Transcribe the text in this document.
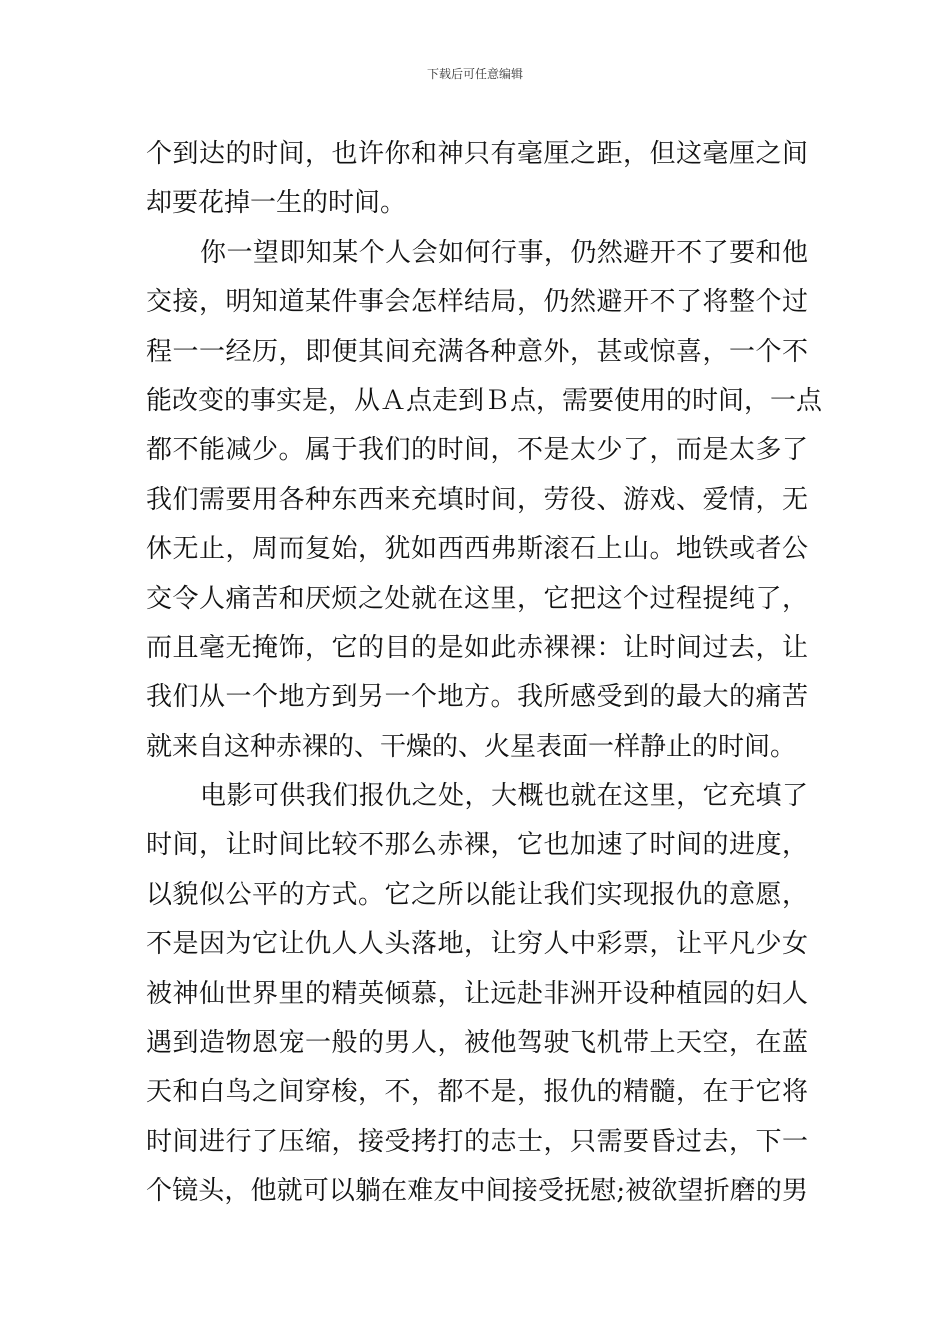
下载后可任意编辑
个到达的时间，也许你和神只有毫厘之距，但这毫厘之间
却要花掉一生的时间。
你一望即知某个人会如何行事，仍然避开不了要和他
交接，明知道某件事会怎样结局，仍然避开不了将整个过
程一一经历，即便其间充满各种意外，甚或惊喜，一个不
能改变的事实是，从Ａ点走到Ｂ点，需要使用的时间，一点
都不能减少。属于我们的时间，不是太少了，而是太多了
我们需要用各种东西来充填时间，劳役、游戏、爱情，无
休无止，周而复始，犹如西西弗斯滚石上山。地铁或者公
交令人痛苦和厌烦之处就在这里，它把这个过程提纯了，
而且毫无掩饰，它的目的是如此赤裸裸：让时间过去，让
我们从一个地方到另一个地方。我所感受到的最大的痛苦
就来自这种赤裸的、干燥的、火星表面一样静止的时间。
电影可供我们报仇之处，大概也就在这里，它充填了
时间，让时间比较不那么赤裸，它也加速了时间的进度，
以貌似公平的方式。它之所以能让我们实现报仇的意愿，
不是因为它让仇人人头落地，让穷人中彩票，让平凡少女
被神仙世界里的精英倾慕，让远赴非洲开设种植园的妇人
遇到造物恩宠一般的男人，被他驾驶飞机带上天空，在蓝
天和白鸟之间穿梭，不，都不是，报仇的精髓，在于它将
时间进行了压缩，接受拷打的志士，只需要昏过去，下一
个镜头，他就可以躺在难友中间接受抚慰;被欲望折磨的男
